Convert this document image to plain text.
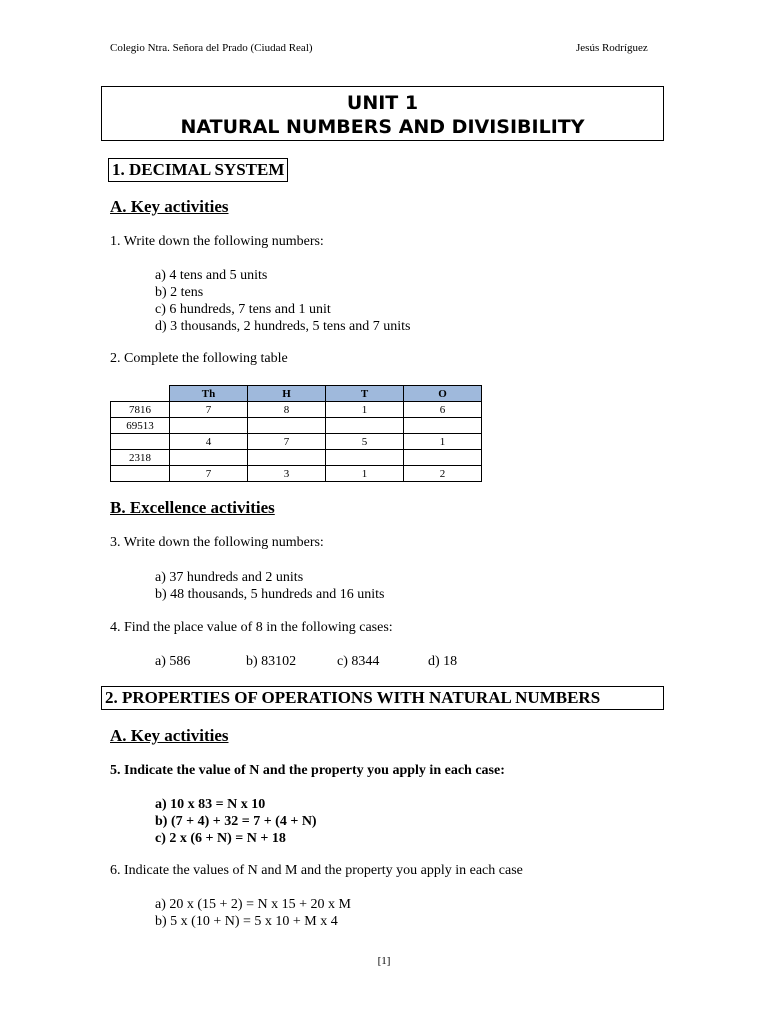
Colegio Ntra. Señora del Prado (Ciudad Real)	Jesús Rodríguez
UNIT 1
NATURAL NUMBERS AND DIVISIBILITY
1. DECIMAL SYSTEM
A. Key activities
1. Write down the following numbers:
a) 4 tens and 5 units
b) 2 tens
c) 6 hundreds, 7 tens and 1 unit
d) 3 thousands, 2 hundreds, 5 tens and 7 units
2. Complete the following table
	Th	H	T	O
7816	7	8	1	6
69513				
	4	7	5	1
2318				
	7	3	1	2
B. Excellence activities
3. Write down the following numbers:
a) 37 hundreds and 2 units
b) 48 thousands, 5 hundreds and 16 units
4. Find the place value of 8 in the following cases:
a) 586	b) 83102	c) 8344	d) 18
2. PROPERTIES OF OPERATIONS WITH NATURAL NUMBERS
A. Key activities
5. Indicate the value of N and the property you apply in each case:
a) 10 x 83 = N x 10
b) (7 + 4) + 32 = 7 + (4 + N)
c) 2 x (6 + N) = N + 18
6. Indicate the values of N and M and the property you apply in each case
a) 20 x (15 + 2) = N x 15 + 20 x M
b) 5 x (10 + N) = 5 x 10 + M x 4
[1]
